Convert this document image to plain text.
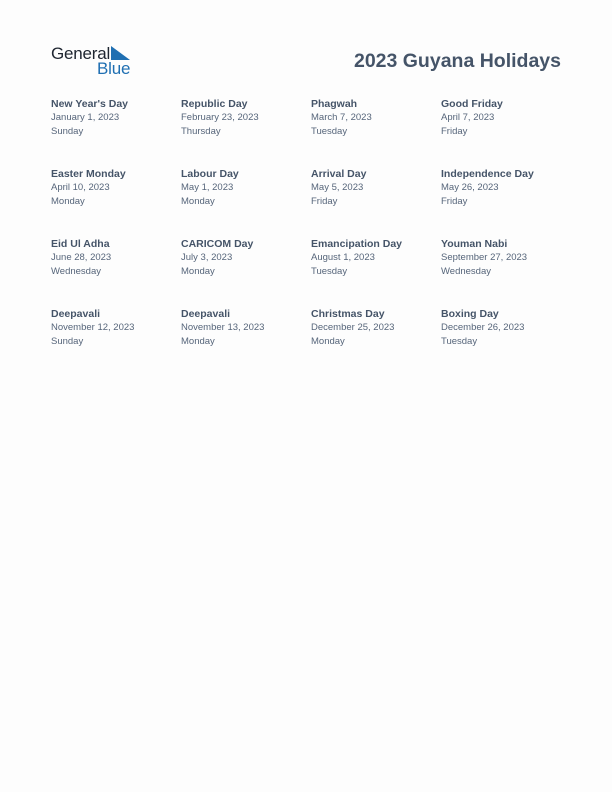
General
Blue	2023 Guyana Holidays
New Year's Day
January 1, 2023
Sunday
Republic Day
February 23, 2023
Thursday
Phagwah
March 7, 2023
Tuesday
Good Friday
April 7, 2023
Friday
Easter Monday
April 10, 2023
Monday
Labour Day
May 1, 2023
Monday
Arrival Day
May 5, 2023
Friday
Independence Day
May 26, 2023
Friday
Eid Ul Adha
June 28, 2023
Wednesday
CARICOM Day
July 3, 2023
Monday
Emancipation Day
August 1, 2023
Tuesday
Youman Nabi
September 27, 2023
Wednesday
Deepavali
November 12, 2023
Sunday
Deepavali
November 13, 2023
Monday
Christmas Day
December 25, 2023
Monday
Boxing Day
December 26, 2023
Tuesday
